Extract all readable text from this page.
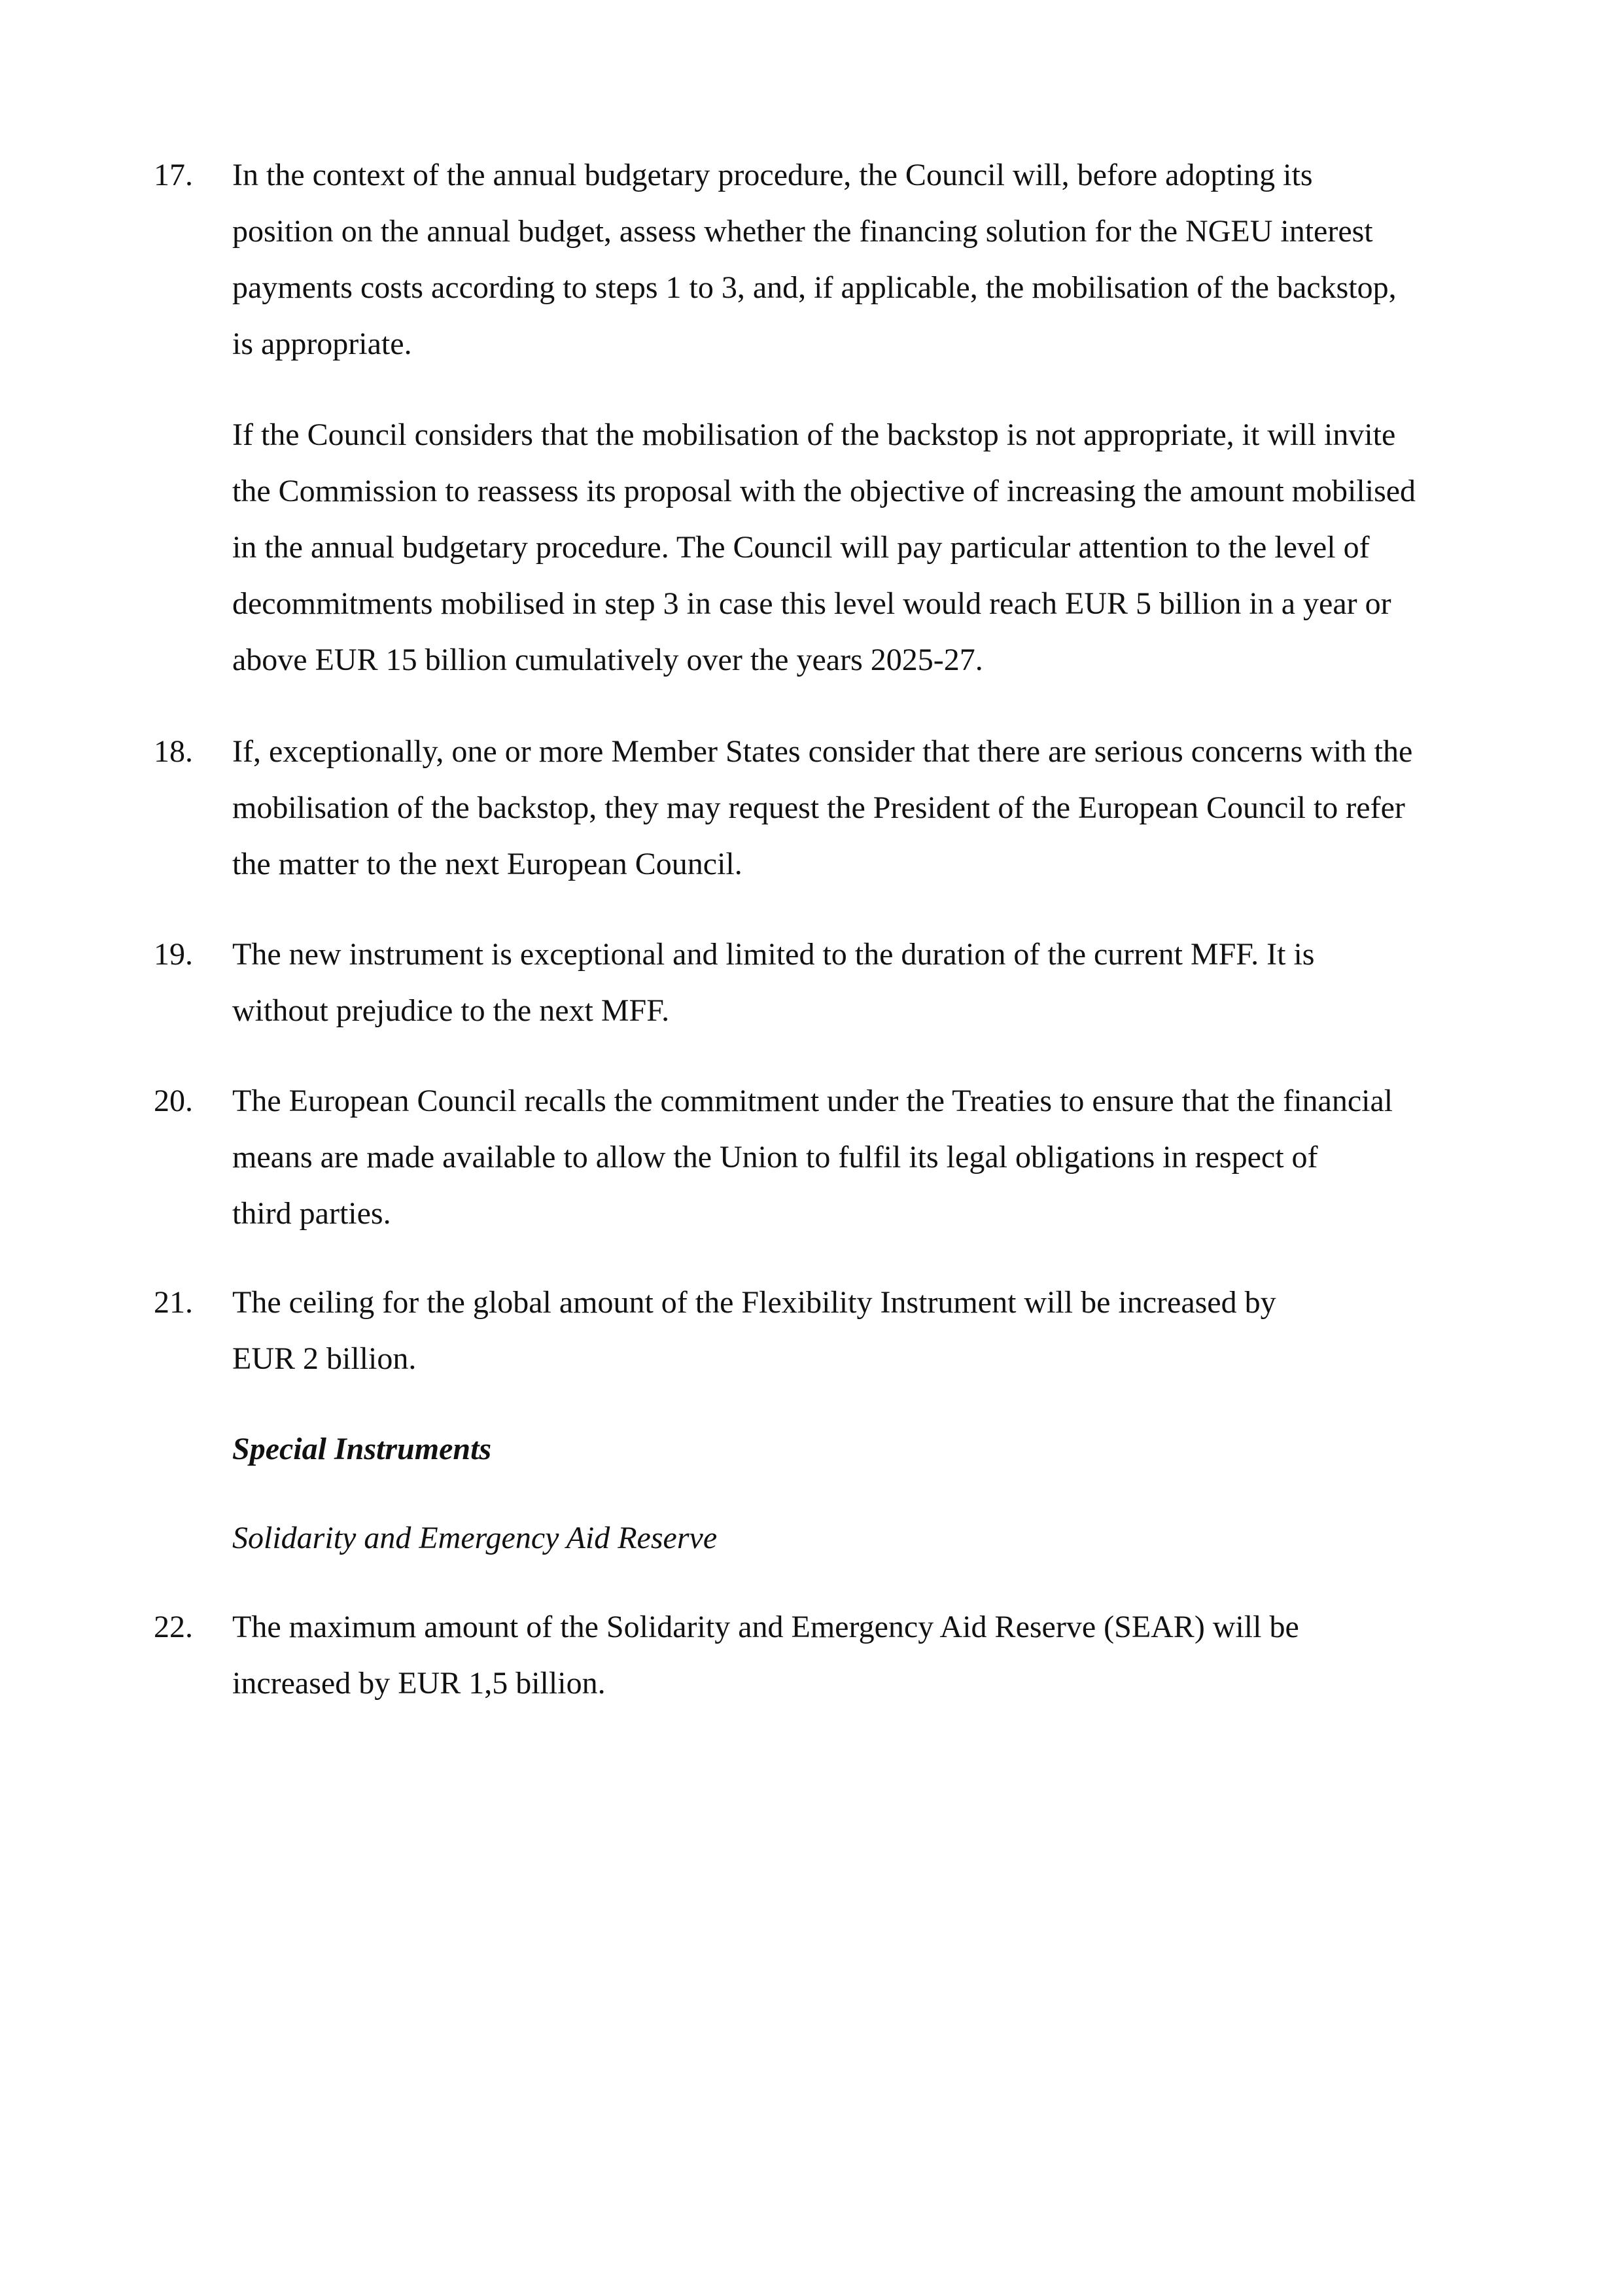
17. In the context of the annual budgetary procedure, the Council will, before adopting its
position on the annual budget, assess whether the financing solution for the NGEU interest
payments costs according to steps 1 to 3, and, if applicable, the mobilisation of the backstop,
is appropriate.
If the Council considers that the mobilisation of the backstop is not appropriate, it will invite
the Commission to reassess its proposal with the objective of increasing the amount mobilised
in the annual budgetary procedure. The Council will pay particular attention to the level of
decommitments mobilised in step 3 in case this level would reach EUR 5 billion in a year or
above EUR 15 billion cumulatively over the years 2025-27.
18. If, exceptionally, one or more Member States consider that there are serious concerns with the
mobilisation of the backstop, they may request the President of the European Council to refer
the matter to the next European Council.
19. The new instrument is exceptional and limited to the duration of the current MFF. It is
without prejudice to the next MFF.
20. The European Council recalls the commitment under the Treaties to ensure that the financial
means are made available to allow the Union to fulfil its legal obligations in respect of
third parties.
21. The ceiling for the global amount of the Flexibility Instrument will be increased by
EUR 2 billion.
Special Instruments
Solidarity and Emergency Aid Reserve
22. The maximum amount of the Solidarity and Emergency Aid Reserve (SEAR) will be
increased by EUR 1,5 billion.
